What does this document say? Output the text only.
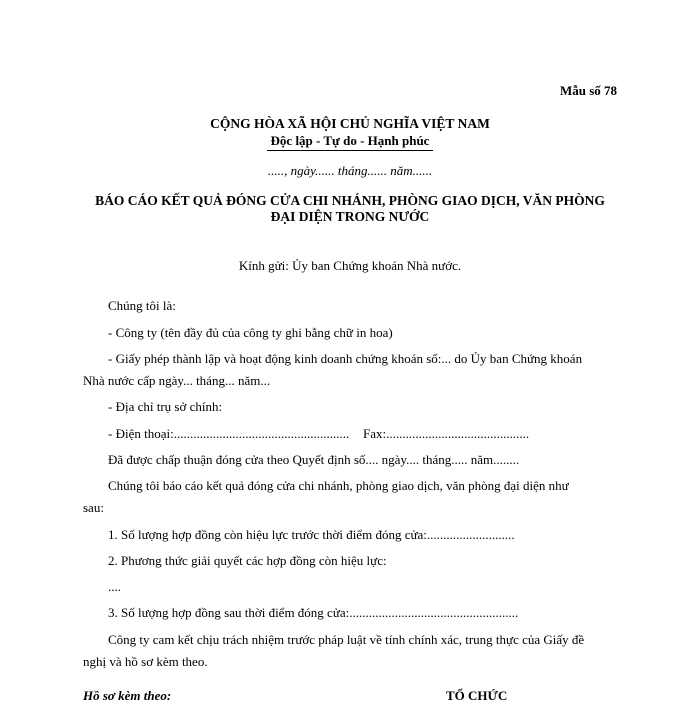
Mẫu số 78
CỘNG HÒA XÃ HỘI CHỦ NGHĨA VIỆT NAM
Độc lập - Tự do - Hạnh phúc
....., ngày...... tháng...... năm......
BÁO CÁO KẾT QUẢ ĐÓNG CỬA CHI NHÁNH, PHÒNG GIAO DỊCH, VĂN PHÒNG
ĐẠI DIỆN TRONG NƯỚC
Kính gửi: Ủy ban Chứng khoán Nhà nước.
Chúng tôi là:
- Công ty (tên đầy đủ của công ty ghi bằng chữ in hoa)
- Giấy phép thành lập và hoạt động kinh doanh chứng khoán số:... do Ủy ban Chứng khoán
Nhà nước cấp ngày... tháng... năm...
- Địa chỉ trụ sở chính:
- Điện thoại:...................................................... Fax:............................................
Đã được chấp thuận đóng cửa theo Quyết định số.... ngày.... tháng..... năm........
Chúng tôi báo cáo kết quả đóng cửa chi nhánh, phòng giao dịch, văn phòng đại diện như
sau:
1. Số lượng hợp đồng còn hiệu lực trước thời điểm đóng cửa:...........................
2. Phương thức giải quyết các hợp đồng còn hiệu lực:
....
3. Số lượng hợp đồng sau thời điểm đóng cửa:....................................................
Công ty cam kết chịu trách nhiệm trước pháp luật về tính chính xác, trung thực của Giấy đề
nghị và hồ sơ kèm theo.
Hồ sơ kèm theo:	TỔ CHỨC
